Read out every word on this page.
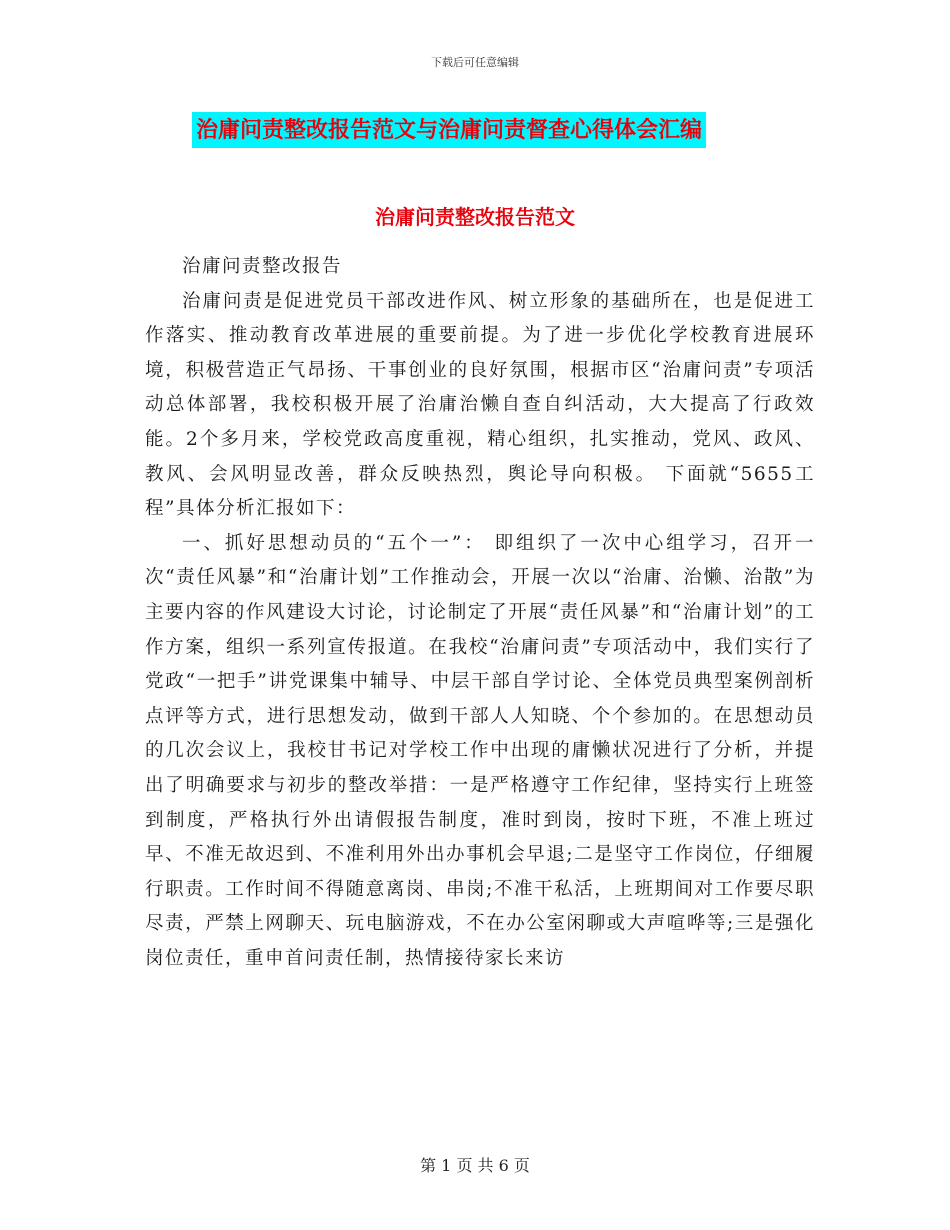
下载后可任意编辑
治庸问责整改报告范文与治庸问责督查心得体会汇编
治庸问责整改报告范文

治庸问责整改报告

治庸问责是促进党员干部改进作风、树立形象的基础所在，也是促进工作落实、推动教育改革进展的重要前提。为了进一步优化学校教育进展环境，积极营造正气昂扬、干事创业的良好氛围，根据市区“治庸问责”专项活动总体部署，我校积极开展了治庸治懒自查自纠活动，大大提高了行政效能。2个多月来，学校党政高度重视，精心组织，扎实推动，党风、政风、教风、会风明显改善，群众反映热烈，舆论导向积极。 下面就“5655工程”具体分析汇报如下：

一、抓好思想动员的“五个一”： 即组织了一次中心组学习，召开一次“责任风暴”和“治庸计划”工作推动会，开展一次以“治庸、治懒、治散”为主要内容的作风建设大讨论，讨论制定了开展“责任风暴”和“治庸计划”的工作方案，组织一系列宣传报道。在我校“治庸问责”专项活动中，我们实行了党政“一把手”讲党课集中辅导、中层干部自学讨论、全体党员典型案例剖析点评等方式，进行思想发动，做到干部人人知晓、个个参加的。在思想动员的几次会议上，我校甘书记对学校工作中出现的庸懒状况进行了分析，并提出了明确要求与初步的整改举措：一是严格遵守工作纪律，坚持实行上班签到制度，严格执行外出请假报告制度，准时到岗，按时下班，不准上班过早、不准无故迟到、不准利用外出办事机会早退;二是坚守工作岗位，仔细履行职责。工作时间不得随意离岗、串岗;不准干私活，上班期间对工作要尽职尽责，严禁上网聊天、玩电脑游戏，不在办公室闲聊或大声喧哗等;三是强化岗位责任，重申首问责任制，热情接待家长来访

第 1 页 共 6 页
